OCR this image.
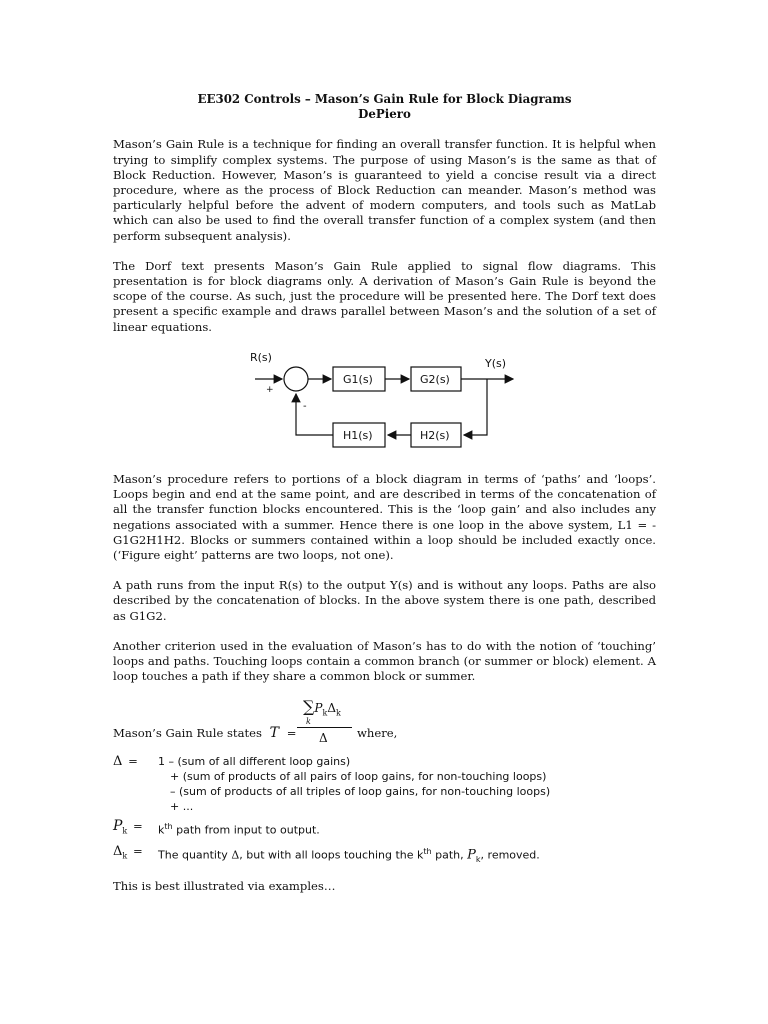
EE302 Controls – Mason’s Gain Rule for Block Diagrams
DePiero

Mason’s Gain Rule is a technique for finding an overall transfer function. It is helpful when trying to simplify complex systems. The purpose of using Mason’s is the same as that of Block Reduction. However, Mason’s is guaranteed to yield a concise result via a direct procedure, where as the process of Block Reduction can meander. Mason’s method was particularly helpful before the advent of modern computers, and tools such as MatLab which can also be used to find the overall transfer function of a complex system (and then perform subsequent analysis).

The Dorf text presents Mason’s Gain Rule applied to signal flow diagrams. This presentation is for block diagrams only. A derivation of Mason’s Gain Rule is beyond the scope of the course. As such, just the procedure will be presented here. The Dorf text does present a specific example and draws parallel between Mason’s and the solution of a set of linear equations.

R(s)	Y(s)
+
-
G1(s)	G2(s)
H2(s)
H1(s)

Mason’s procedure refers to portions of a block diagram in terms of ‘paths’ and ‘loops’. Loops begin and end at the same point, and are described in terms of the concatenation of all the transfer function blocks encountered. This is the ‘loop gain’ and also includes any negations associated with a summer. Hence there is one loop in the above system, L1 = -G1G2H1H2. Blocks or summers contained within a loop should be included exactly once. (‘Figure eight’ patterns are two loops, not one).

A path runs from the input R(s) to the output Y(s) and is without any loops. Paths are also described by the concatenation of blocks. In the above system there is one path, described as G1G2.

Another criterion used in the evaluation of Mason’s has to do with the notion of ‘touching’ loops and paths. Touching loops contain a common branch (or summer or block) element. A loop touches a path if they share a common block or summer.

Mason’s Gain Rule states T =
$\sum P_k\Delta_k$
k
Δ	where,
Δ = 1 – (sum of all different loop gains)
+ (sum of products of all pairs of loop gains, for non-touching loops)
– (sum of products of all triples of loop gains, for non-touching loops)
+ ...
$P_k = k^{th}$ path from input to output.
$\Delta_k$ = The quantity Δ, but with all loops touching the $k^{th}$ path, $P_k$, removed.
This is best illustrated via examples…
